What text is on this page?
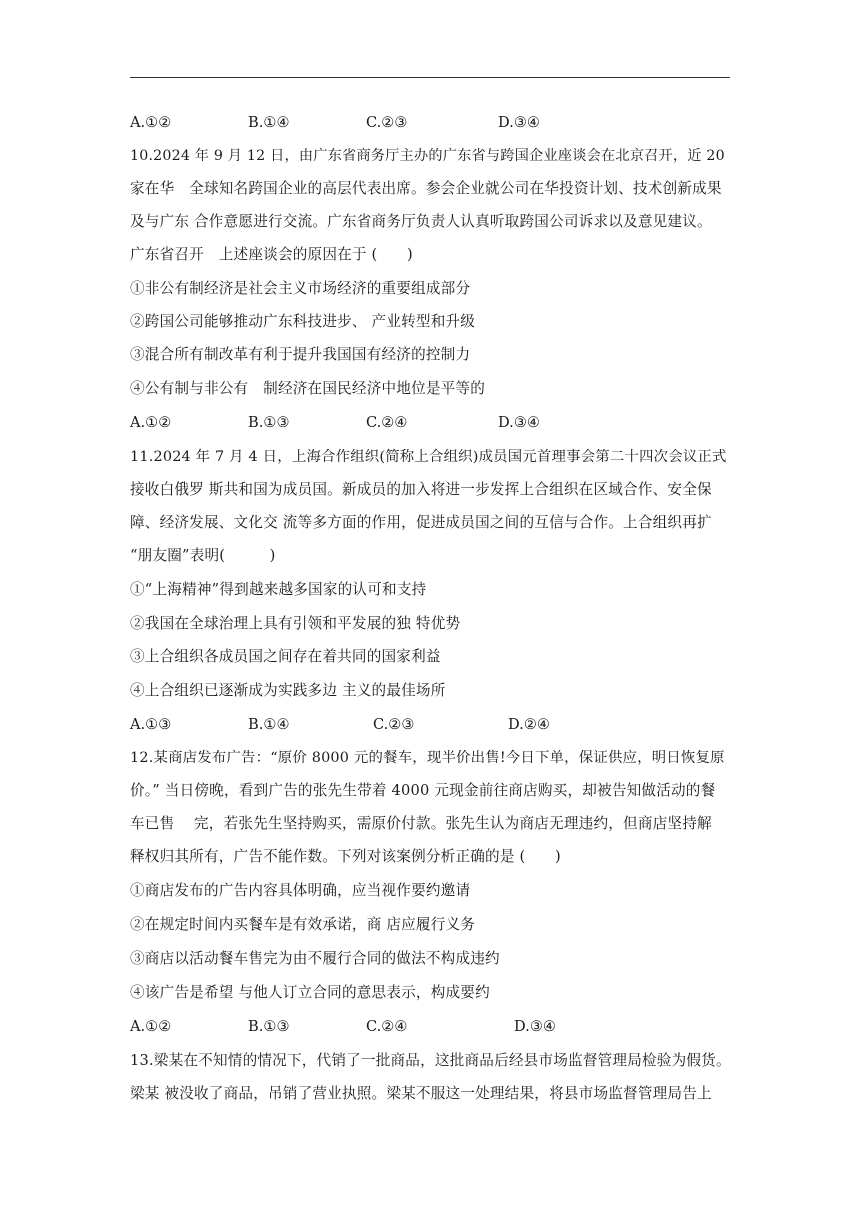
A.①②	B.①④	C.②③	D.③④
10.2024 年 9 月 12 日，由广东省商务厅主办的广东省与跨国企业座谈会在北京召开，近 20
家在华　全球知名跨国企业的高层代表出席。参会企业就公司在华投资计划、技术创新成果
及与广东 合作意愿进行交流。广东省商务厅负责人认真听取跨国公司诉求以及意见建议。
广东省召开　上述座谈会的原因在于 (　　)
①非公有制经济是社会主义市场经济的重要组成部分
②跨国公司能够推动广东科技进步、 产业转型和升级
③混合所有制改革有利于提升我国国有经济的控制力
④公有制与非公有　制经济在国民经济中地位是平等的
A.①②	B.①③	C.②④	D.③④
11.2024 年 7 月 4 日，上海合作组织(简称上合组织)成员国元首理事会第二十四次会议正式
接收白俄罗 斯共和国为成员国。新成员的加入将进一步发挥上合组织在区域合作、安全保
障、经济发展、文化交 流等多方面的作用，促进成员国之间的互信与合作。上合组织再扩
“朋友圈”表明(　　　)
①“上海精神”得到越来越多国家的认可和支持
②我国在全球治理上具有引领和平发展的独 特优势
③上合组织各成员国之间存在着共同的国家利益
④上合组织已逐渐成为实践多边 主义的最佳场所
A.①③	B.①④	C.②③	D.②④
12.某商店发布广告：“原价 8000 元的餐车，现半价出售!今日下单，保证供应，明日恢复原
价。” 当日傍晚，看到广告的张先生带着 4000 元现金前往商店购买，却被告知做活动的餐
车已售　 完，若张先生坚持购买，需原价付款。张先生认为商店无理违约，但商店坚持解
释权归其所有，广告不能作数。下列对该案例分析正确的是 (　　)
①商店发布的广告内容具体明确，应当视作要约邀请
②在规定时间内买餐车是有效承诺，商 店应履行义务
③商店以活动餐车售完为由不履行合同的做法不构成违约
④该广告是希望 与他人订立合同的意思表示，构成要约
A.①②	B.①③	C.②④	D.③④
13.梁某在不知情的情况下，代销了一批商品，这批商品后经县市场监督管理局检验为假货。
梁某 被没收了商品，吊销了营业执照。梁某不服这一处理结果，将县市场监督管理局告上
